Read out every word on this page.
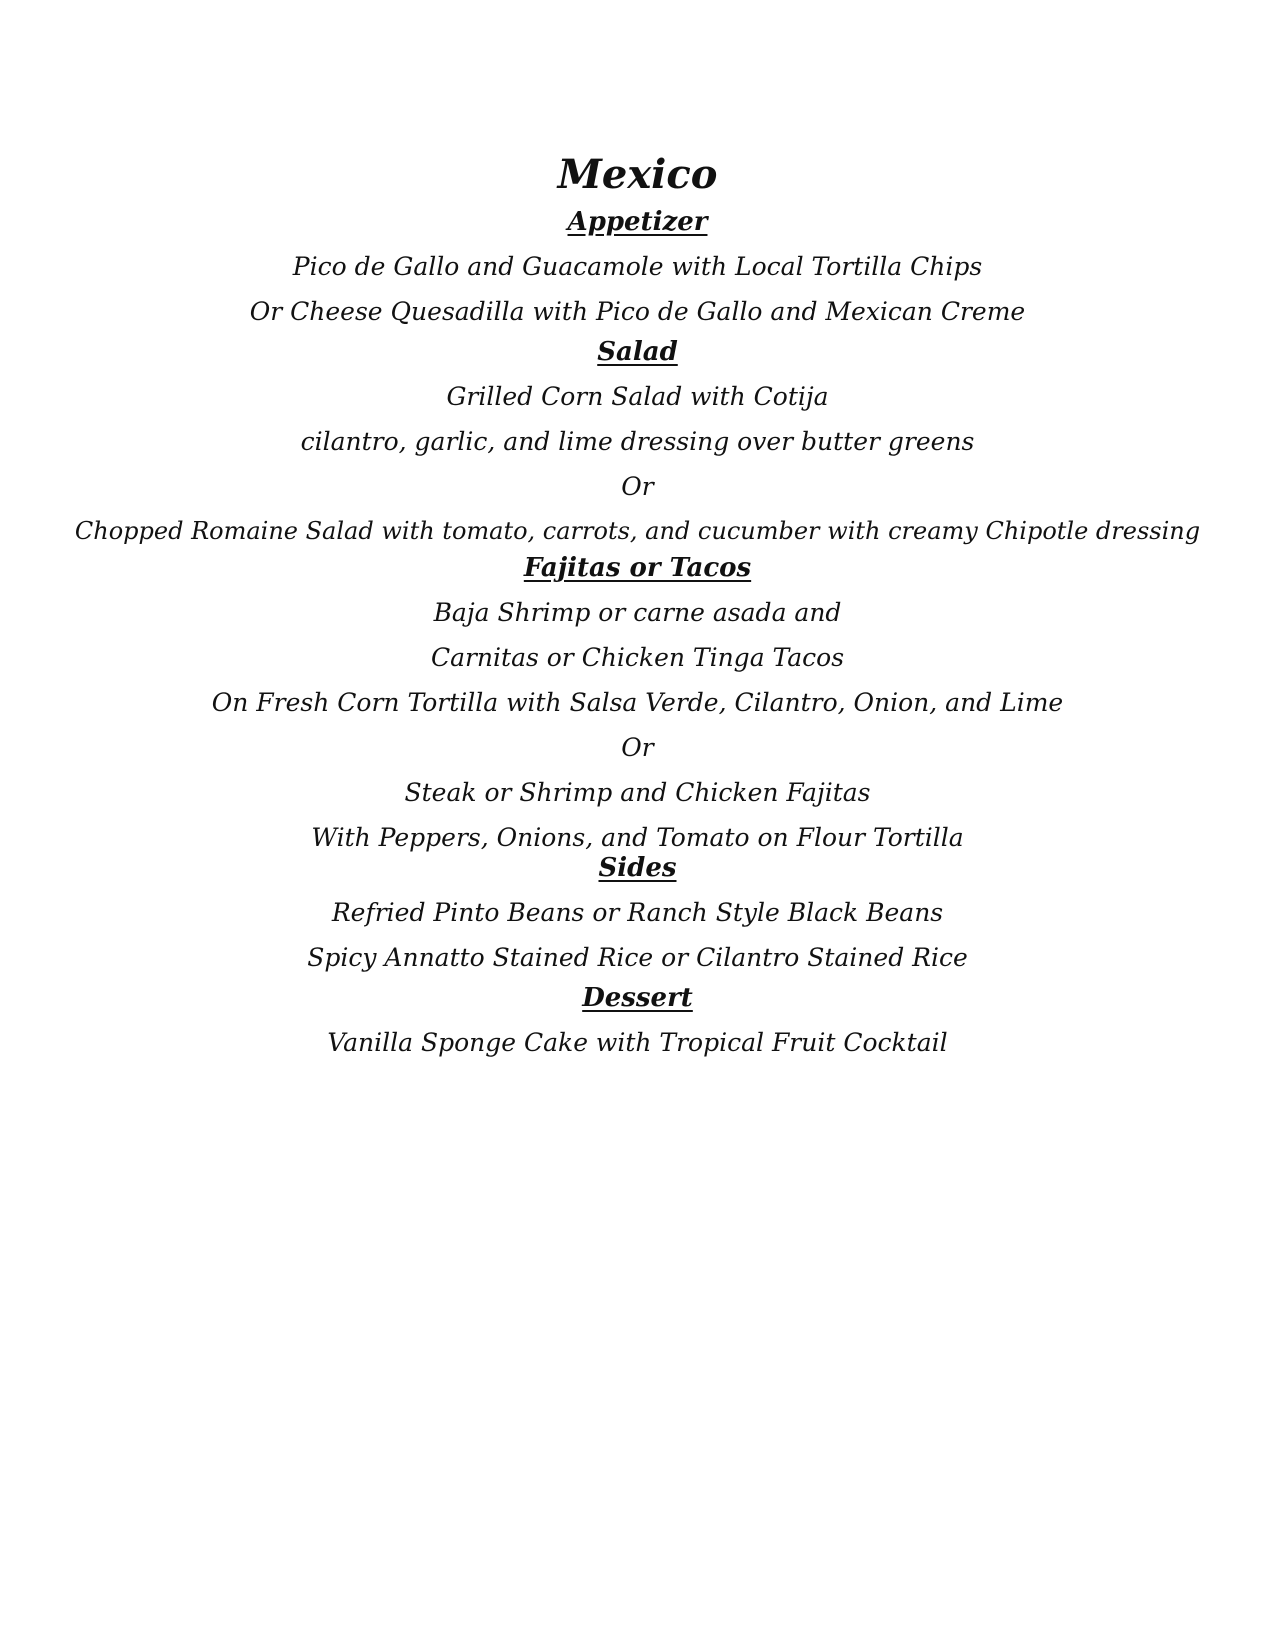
Mexico

Appetizer

Pico de Gallo and Guacamole with Local Tortilla Chips

Or Cheese Quesadilla with Pico de Gallo and Mexican Creme

Salad

Grilled Corn Salad with Cotija

cilantro, garlic, and lime dressing over butter greens

Or

Chopped Romaine Salad with tomato, carrots, and cucumber with creamy Chipotle dressing

Fajitas or Tacos

Baja Shrimp or carne asada and

Carnitas or Chicken Tinga Tacos

On Fresh Corn Tortilla with Salsa Verde, Cilantro, Onion, and Lime

Or

Steak or Shrimp and Chicken Fajitas

With Peppers, Onions, and Tomato on Flour Tortilla

Sides

Refried Pinto Beans or Ranch Style Black Beans

Spicy Annatto Stained Rice or Cilantro Stained Rice

Dessert

Vanilla Sponge Cake with Tropical Fruit Cocktail
